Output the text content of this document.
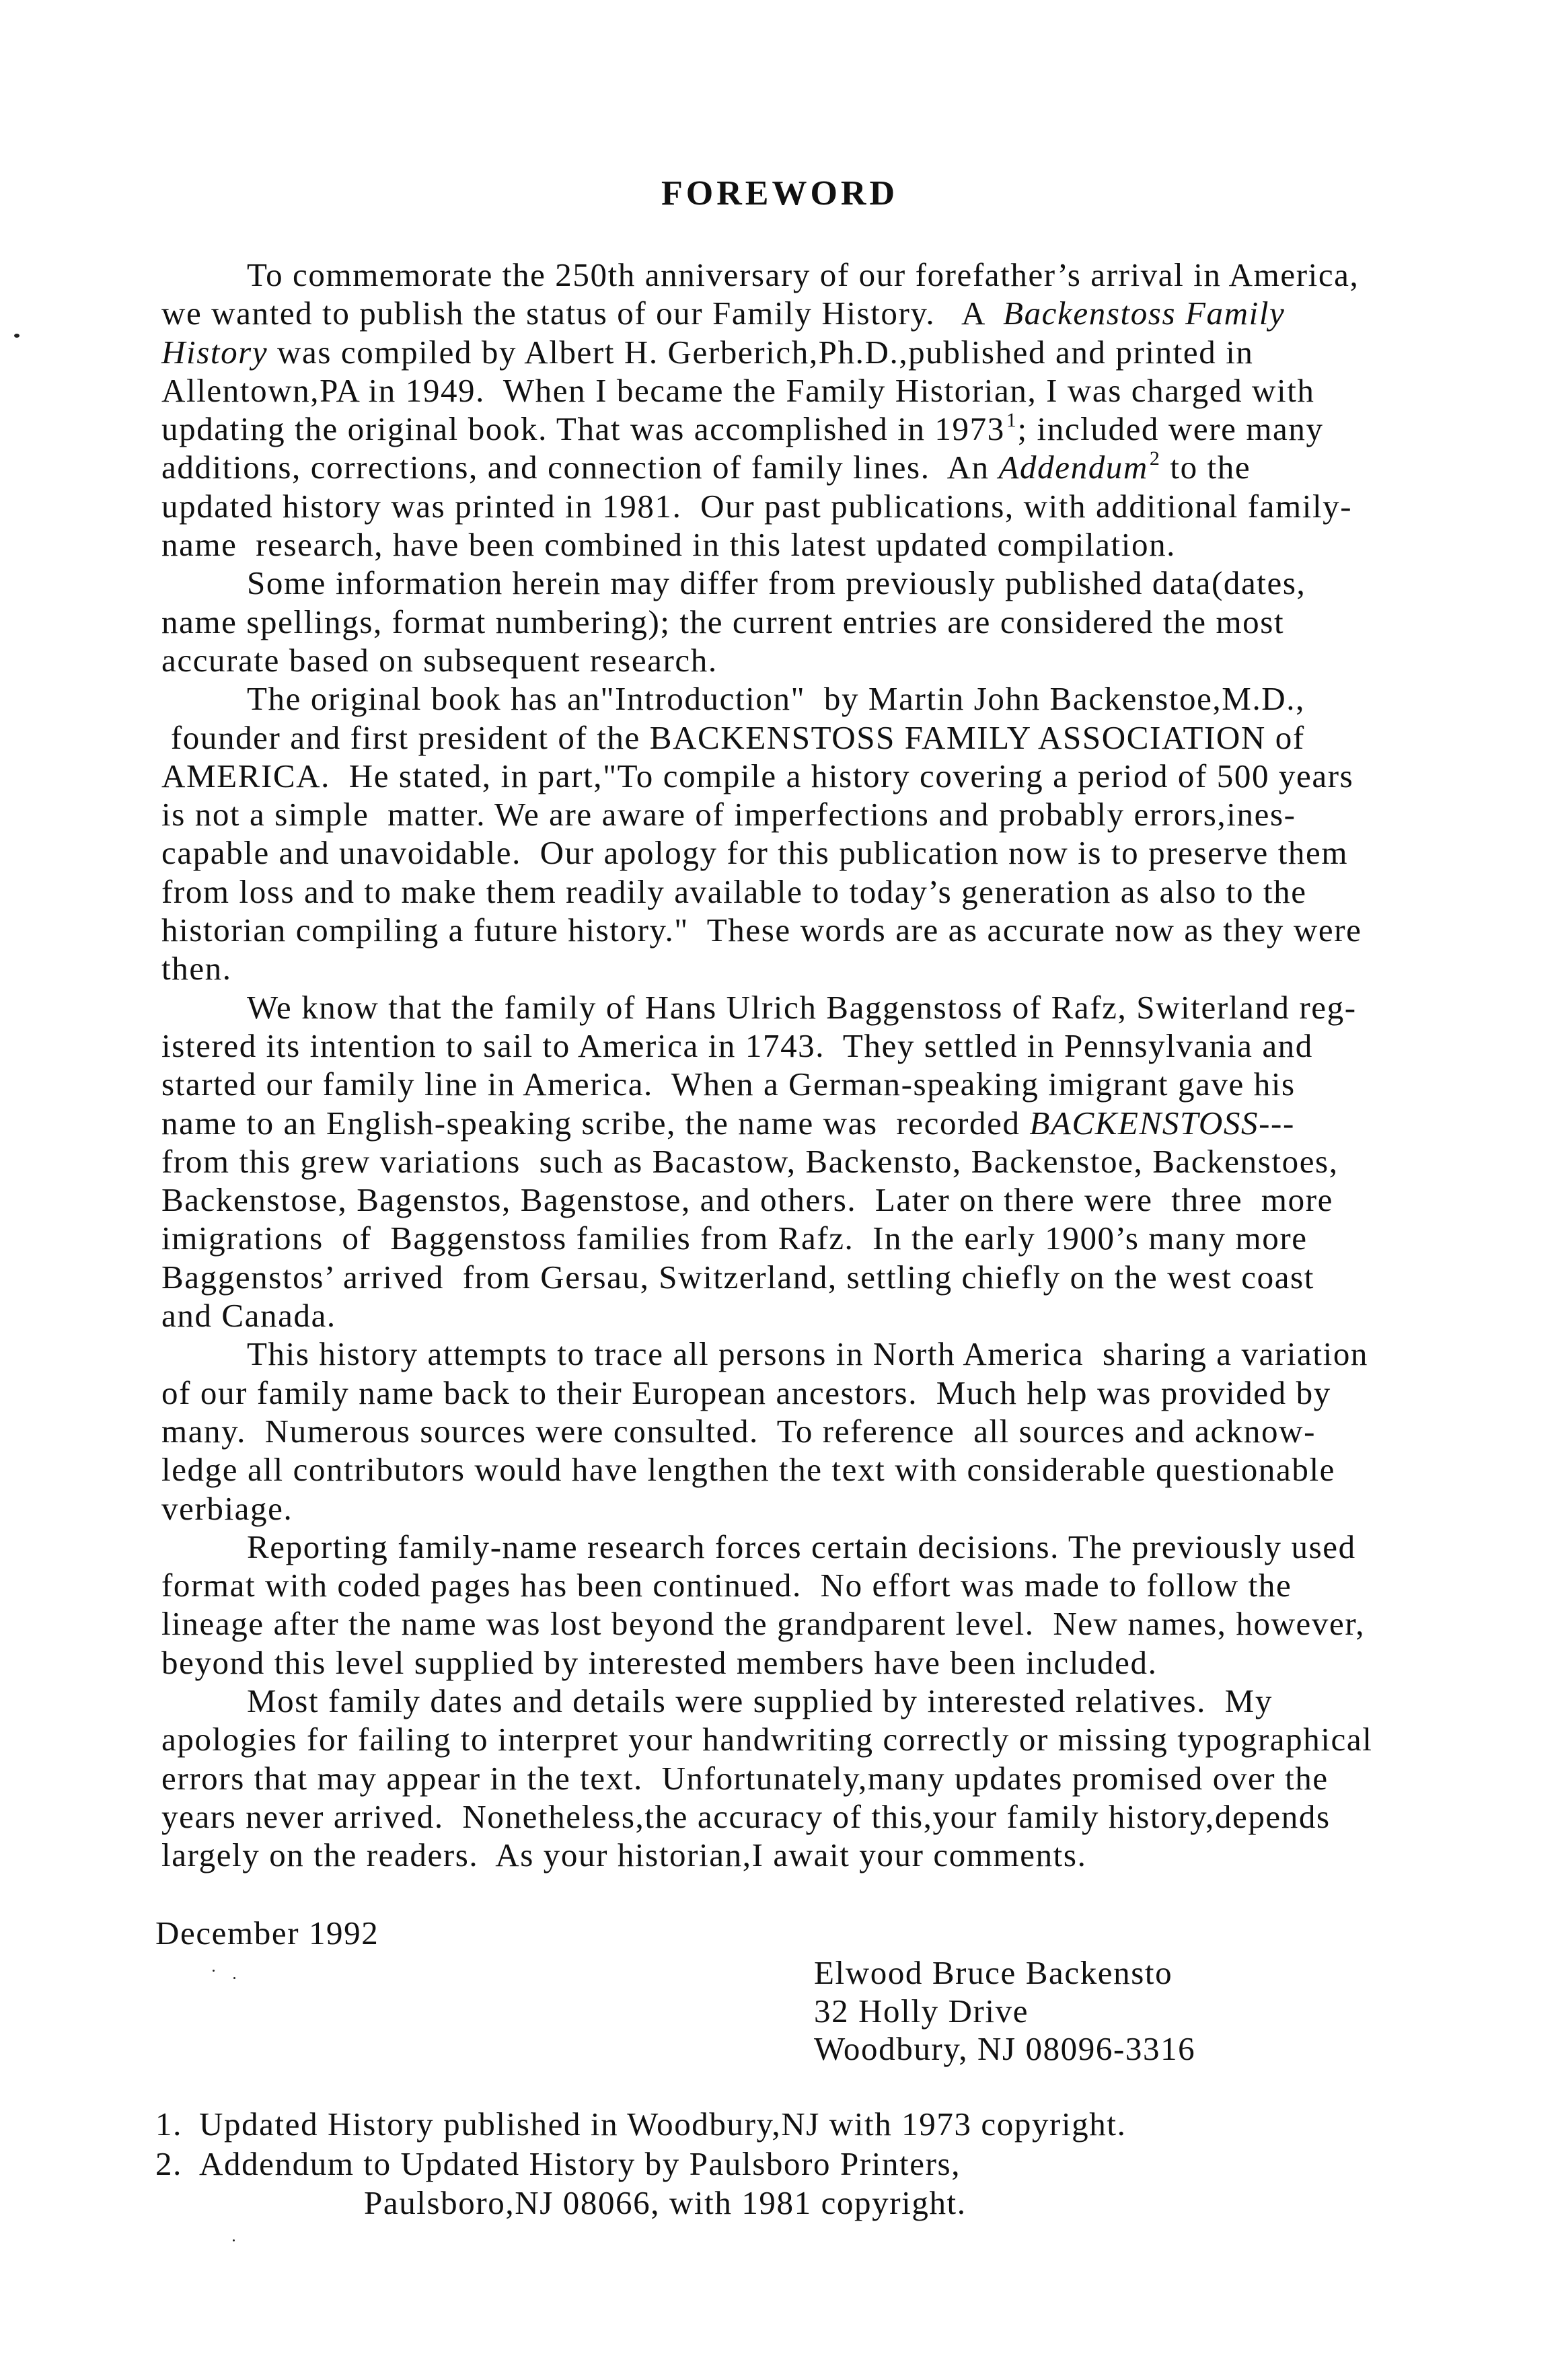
FOREWORD
To commemorate the 250th anniversary of our forefather’s arrival in America,
we wanted to publish the status of our Family History.   A  Backenstoss Family
History was compiled by Albert H. Gerberich,Ph.D.,published and printed in
Allentown,PA in 1949.  When I became the Family Historian, I was charged with
updating the original book. That was accomplished in 1973$^1$; included were many
additions, corrections, and connection of family lines.  An Addendum$^2$ to the
updated history was printed in 1981.  Our past publications, with additional family-
name  research, have been combined in this latest updated compilation.
Some information herein may differ from previously published data(dates,
name spellings, format numbering); the current entries are considered the most
accurate based on subsequent research.
The original book has an"Introduction"  by Martin John Backenstoe,M.D.,
founder and first president of the BACKENSTOSS FAMILY ASSOCIATION of
AMERICA.  He stated, in part,"To compile a history covering a period of 500 years
is not a simple  matter. We are aware of imperfections and probably errors,ines-
capable and unavoidable.  Our apology for this publication now is to preserve them
from loss and to make them readily available to today’s generation as also to the
historian compiling a future history."  These words are as accurate now as they were
then.
We know that the family of Hans Ulrich Baggenstoss of Rafz, Switerland reg-
istered its intention to sail to America in 1743.  They settled in Pennsylvania and
started our family line in America.  When a German-speaking imigrant gave his
name to an English-speaking scribe, the name was  recorded BACKENSTOSS---
from this grew variations  such as Bacastow, Backensto, Backenstoe, Backenstoes,
Backenstose, Bagenstos, Bagenstose, and others.  Later on there were  three  more
imigrations  of  Baggenstoss families from Rafz.  In the early 1900’s many more
Baggenstos’ arrived  from Gersau, Switzerland, settling chiefly on the west coast
and Canada.
This history attempts to trace all persons in North America  sharing a variation
of our family name back to their European ancestors.  Much help was provided by
many.  Numerous sources were consulted.  To reference  all sources and acknow-
ledge all contributors would have lengthen the text with considerable questionable
verbiage.
Reporting family-name research forces certain decisions. The previously used
format with coded pages has been continued.  No effort was made to follow the
lineage after the name was lost beyond the grandparent level.  New names, however,
beyond this level supplied by interested members have been included.
Most family dates and details were supplied by interested relatives.  My
apologies for failing to interpret your handwriting correctly or missing typographical
errors that may appear in the text.  Unfortunately,many updates promised over the
years never arrived.  Nonetheless,the accuracy of this,your family history,depends
largely on the readers.  As your historian,I await your comments.
December 1992
Elwood Bruce Backensto
32 Holly Drive
Woodbury, NJ 08096-3316
1. Updated History published in Woodbury,NJ with 1973 copyright.
2. Addendum to Updated History by Paulsboro Printers,
Paulsboro,NJ 08066, with 1981 copyright.
